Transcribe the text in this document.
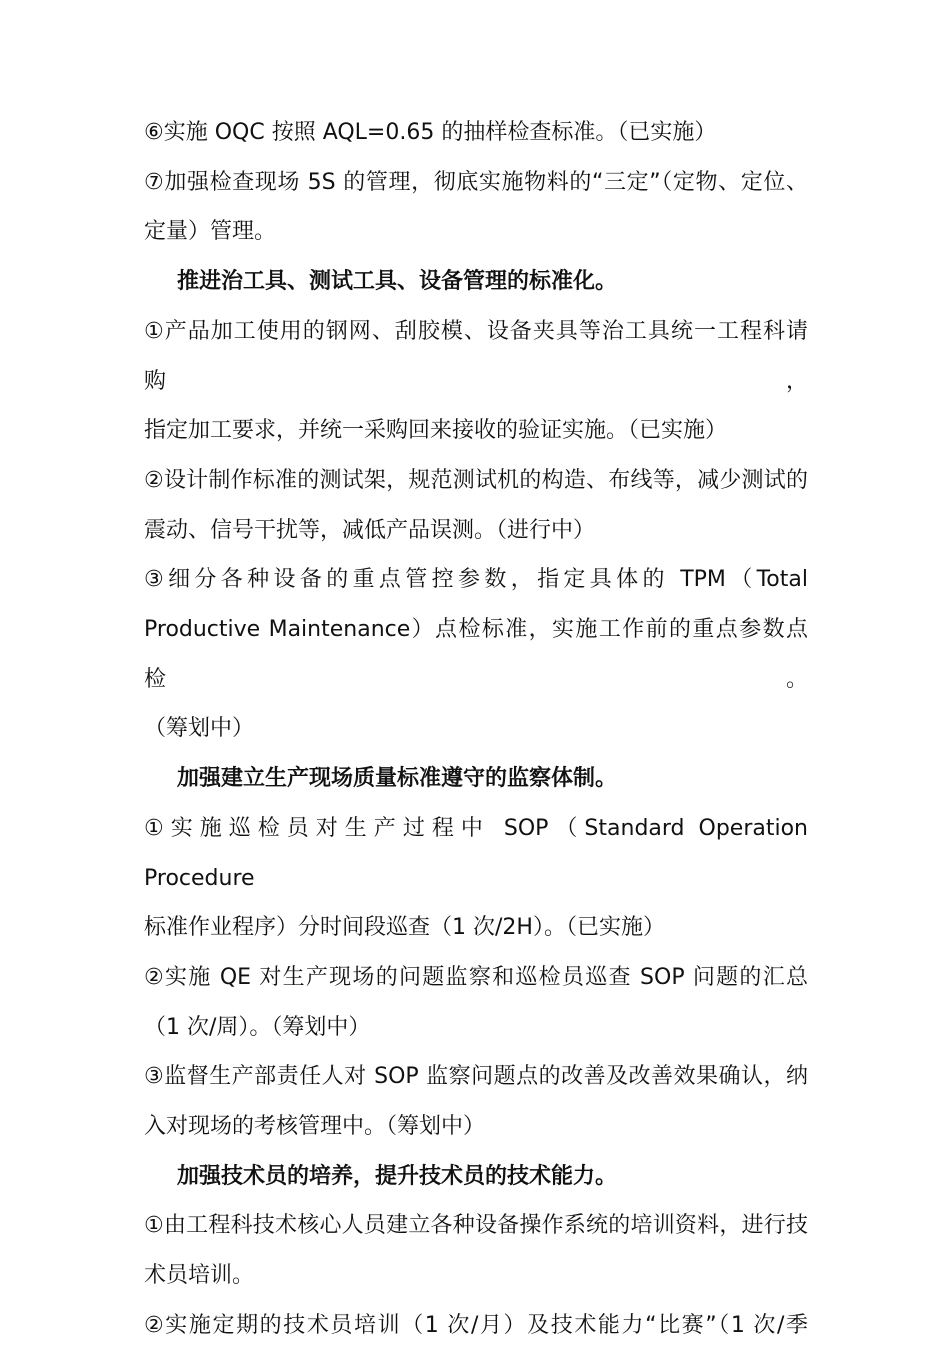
⑥实施 OQC 按照 AQL=0.65 的抽样检查标准。（已实施）

⑦加强检查现场 5S 的管理，彻底实施物料的“三定”（定物、定位、

定量）管理。

推进治工具、测试工具、设备管理的标准化。

①产品加工使用的钢网、刮胶模、设备夹具等治工具统一工程科请购，

指定加工要求，并统一采购回来接收的验证实施。（已实施）

②设计制作标准的测试架，规范测试机的构造、布线等，减少测试的

震动、信号干扰等，减低产品误测。（进行中）

③细分各种设备的重点管控参数，指定具体的 TPM（Total

Productive Maintenance）点检标准，实施工作前的重点参数点检。

（筹划中）

加强建立生产现场质量标准遵守的监察体制。

①实施巡检员对生产过程中 SOP（Standard Operation Procedure

标准作业程序）分时间段巡查（1 次/2H）。（已实施）

②实施 QE 对生产现场的问题监察和巡检员巡查 SOP 问题的汇总

（1 次/周）。（筹划中）

③监督生产部责任人对 SOP 监察问题点的改善及改善效果确认，纳

入对现场的考核管理中。（筹划中）

加强技术员的培养，提升技术员的技术能力。

①由工程科技术核心人员建立各种设备操作系统的培训资料，进行技

术员培训。

②实施定期的技术员培训（1 次/月）及技术能力“比赛”（1 次/季
